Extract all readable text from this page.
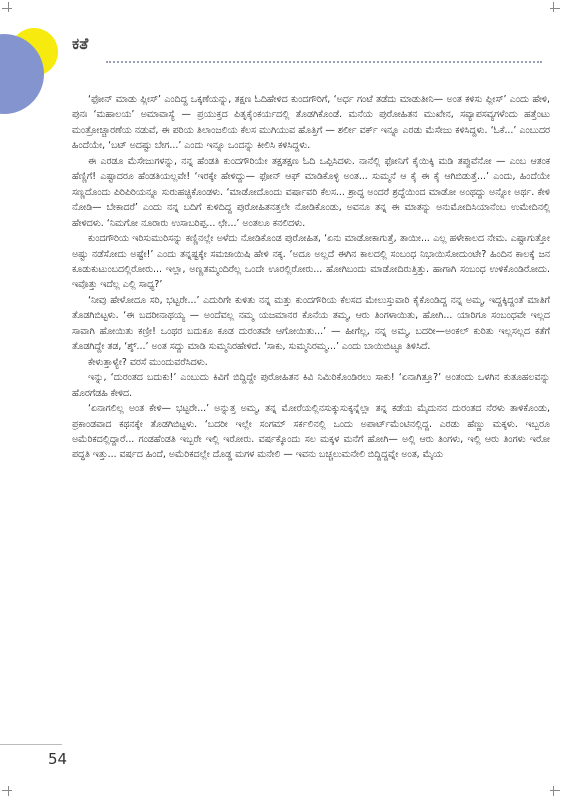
ಕತೆ

‘ಫೋನ್ ಮಾಡು ಪ್ಲೀಸ್’ ಎಂದಿದ್ದ ಒಕ್ಕಣೆಯನ್ನು, ತಕ್ಷಣ ಓದಿಹೇಳಿದ ಕುಂದಗೌರಿಗೆ, ‘ಅರ್ಧ ಗಂಟೆ ತಡೆದು ಮಾಡುತೀನಿ— ಅಂತ ಕಳಿಸು ಪ್ಲೀಸ್’ ಎಂದು ಹೇಳಿ, ಪುನಃ ‘ಮಹಾಲಯ’ ಅಮಾವಾಸ್ಯೆ — ಪ್ರಯುಕ್ತದ ಪಿತೃಕೈಂಕರ್ಯದಲ್ಲಿ ತೊಡಗಿಕೊಂಡೆ. ಮನೆಯ ಪುರೋಹಿತನ ಮುಖೇನ, ಸವ್ಯಾಪಸವ್ಯಗಳೆಂದು ಹತ್ತೆಂಟು ಮಂತ್ರೋಚ್ಚಾರಣೆಯ ನಡುವೆ, ಈ ಪರಿಯ ತಿಲಾಂಜಲಿಯ ಕೆಲಸ ಮುಗಿಯುವ ಹೊತ್ತಿಗೆ — ಶರ್ಲೀ ವರ್ಕ್ ಇನ್ನೂ ಎರಡು ಮೆಸೇಜು ಕಳಿಸಿದ್ದಳು. ‘ಓಕೆ...’ ಎಂಬುದರ ಹಿಂದೆಯೇ, ‘ಬಟ್ ಅದಷ್ಟು ಬೇಗ...’ ಎಂದು ಇನ್ನೂ ಒಂದನ್ನು ಕೀಲಿಸಿ ಕಳಿಸಿದ್ದಳು.

ಈ ಎರಡೂ ಮೆಸೇಜುಗಳನ್ನು, ನನ್ನ ಹೆಂಡತಿ ಕುಂದಗೌರಿಯೇ ತಕ್ಷತಕ್ಷಣ ಓದಿ ಒಪ್ಪಿಸಿದಳು. ನಾನೆಲ್ಲಿ ಫೋನಿಗೆ ಕೈಯಿಕ್ಕಿ ಮಡಿ ತಪ್ಪುವೆನೋ — ಎಂಬ ಆತಂಕ ಹೆಣ್ಣಿಗೆ! ಎಷ್ಟಾದರೂ ಹೆಂಡತಿಯಲ್ಲವೇ! ‘ಇರಕ್ಕೇ ಹೇಳಿದ್ದು— ಫೋನ್ ಆಫ್ ಮಾಡಿಕೊಳ್ಳಿ ಅಂತ... ಸುಮ್ಮನೆ ಆ ಕೈ ಈ ಕೈ ಆಗಿಬಿಡುತ್ತೆ...’ ಎಂದು, ಹಿಂದೆಯೇ ಸಣ್ಣದೊಂದು ಪಿರಿಪಿರಿಯನ್ನೂ ಸುರುಹಚ್ಚಿಕೊಂಡಳು. ‘ಮಾಡೋದೊಂದು ವರ್ಷಾವರಿ ಕೆಲಸ... ಶ್ರಾದ್ಧ ಅಂದರೆ ಶ್ರದ್ಧೆಯಿಂದ ಮಾಡೋ ಅಂಥದ್ದು ಅನ್ನೋ ಅರ್ಥ. ಕೇಳಿ ನೋಡಿ— ಬೇಕಾದರೆ’ ಎಂದು ನನ್ನ ಬದಿಗೆ ಕುಳಿದಿದ್ದ ಪುರೋಹಿತನತ್ತಲೇ ನೋಡಿಕೊಂಡು, ಅವನೂ ತನ್ನ ಈ ಮಾತನ್ನು ಅನುಮೋದಿಸಿಯಾನೆಂಬ ಉಮೇದಿನಲ್ಲಿ ಹೇಳಿದಳು. ‘ನಿಮಗೋ ನೂರಾರು ಉಸಾಬರಿಪ್ಪ... ಛೇ...’ ಅಂತಲೂ ಕನಲಿದಳು.

ಕುಂದಗೌರಿಯ ಇರಿಸುಮುರಿಸನ್ನು ಕಣ್ಣಿನಲ್ಲೇ ಅಳೆದು ನೋಡಿಕೊಂಡ ಪುರೋಹಿತ, ‘ಏನು ಮಾಡೋಕಾಗುತ್ತೆ, ತಾಯೀ... ಎಲ್ಲ ಹಳೇಕಾಲದ ನೇಮ. ಎಷ್ಟಾಗುತ್ತೋ ಅಷ್ಟು ನಡೆಸೋದು ಅಷ್ಟೇ!’ ಎಂದು ತನ್ನಷ್ಟಕ್ಕೇ ಸಮಜಾಯಿಷಿ ಹೇಳಿ ನಕ್ಕ. ‘ಅದೂ ಅಲ್ಲದೆ ಈಗಿನ ಕಾಲದಲ್ಲಿ ಸಂಬಂಧ ನಿಭಾಯಿಸೋದುಂಟೇ? ಹಿಂದಿನ ಕಾಲಕ್ಕೆ ಜನ ಕೂಡುಕುಟುಂಬದಲ್ಲಿರೋರು... ಇಲ್ಲಾ, ಅಣ್ಣತಮ್ಮಂದಿರೆಲ್ಲ ಒಂದೇ ಊರಲ್ಲಿರೋರು... ಹೋಗಿಬಂದು ಮಾಡೋದಿರುತ್ತಿತ್ತು. ಹಾಗಾಗಿ ಸಂಬಂಧ ಉಳಿಕೊಂಡಿರೋದು. ಇವೊತ್ತು ಇದೆಲ್ಲ ಎಲ್ಲಿ ಸಾಧ್ಯ?’

‘ನೀವು ಹೇಳೋದೂ ಸರಿ, ಭಟ್ಟರೇ...’ ಎದುರಿಗೇ ಕುಳಿತು ನನ್ನ ಮತ್ತು ಕುಂದಗೌರಿಯ ಕೆಲಸದ ಮೇಲುಸ್ತುವಾರಿ ಕೈಕೊಂಡಿದ್ದ ನನ್ನ ಅಮ್ಮ, ಇದ್ದಕ್ಕಿದ್ದಂತೆ ಮಾತಿಗೆ ತೊಡಗಿಬಿಟ್ಟಳು. ‘ಈ ಬದರೀನಾಥಯ್ಯ — ಅಂದೆವಲ್ಲ ನಮ್ಮ ಯಜಮಾನರ ಕೊನೆಯ ತಮ್ಮ, ಆರು ತಿಂಗಳಾಯಿತು, ಹೋಗಿ... ಯಾರಿಗೂ ಸಂಬಂಧವೇ ಇಲ್ಲದ ಸಾವಾಗಿ ಹೋಯಿತು ಕಣ್ರೀ! ಒಂಥರ ಬದುಕೂ ಕೂಡ ದುರಂತವೇ ಆಗೋಯಿತು...’ — ಹೀಗೆಲ್ಲ, ನನ್ನ ಅಮ್ಮ, ಬದರೀ—ಅಂಕಲ್ ಕುರಿತು ಇಲ್ಲಸಲ್ಲದ ಕತೆಗೆ ತೊಡಗಿದ್ದೇ ತಡ, ‘ಶ್ಶ್...’ ಅಂತ ಸದ್ದು ಮಾಡಿ ಸುಮ್ಮನಿರಹೇಳಿದೆ. ‘ಸಾಕು, ಸುಮ್ಮನಿರಮ್ಮ...’ ಎಂದು ಬಾಯಿಬಿಟ್ಟೂ ತಿಳಿಸಿದೆ.

ಕೇಳುತ್ತಾಳ್ಯೇ? ವರಸೆ ಮುಂದುವರೆಸಿದಳು.

ಇನ್ನು, ‘ದುರಂತದ ಬದುಕು!’ ಎಂಬುದು ಕಿವಿಗೆ ಬಿದ್ದಿದ್ದೇ ಪುರೋಹಿತನ ಕಿವಿ ನಿಮಿರಿಕೊಂಡಿರಲು ಸಾಕು! ‘ಏನಾಗಿತ್ತೂ?’ ಅಂತಂದು ಒಳಗಿನ ಕುತೂಹಲವನ್ನು ಹೊರಗೆಡಹಿ ಕೇಳಿದ.

‘ಏನಾಗಲಿಲ್ಲ ಅಂತ ಕೇಳಿ— ಭಟ್ಟರೇ...’ ಅನ್ನುತ್ತ ಅಮ್ಮ, ತನ್ನ ಮೋರೆಯಲ್ಲಿನಸುಕ್ಕುಸುಕ್ಕನ್ನೆಲ್ಲಾ ತನ್ನ ಕಡೆಯ ಮೈದುನನ ದುರಂತದ ನೆರಳು ತಾಳಿಕೊಂಡು, ಪ್ರಕಾಂಡವಾದ ಕಥನಕ್ಕೇ ತೊಡಗಿಬಿಟ್ಟಳು. ‘ಬದರೀ ಇಲ್ಲೇ ಸಂಗಮ್ ಸರ್ಕಲಿನಲ್ಲಿ ಒಂದು ಅಪಾರ್ಟ್‌ಮೆಂಟಿನಲ್ಲಿದ್ದ. ಎರಡು ಹೆಣ್ಣು ಮಕ್ಕಳು. ಇಬ್ಬರೂ ಅಮೆರಿಕದಲ್ಲಿದ್ದಾರೆ... ಗಂಡಹೆಂಡತಿ ಇಬ್ಬರೇ ಇಲ್ಲಿ ಇರೋರು. ವರ್ಷಕ್ಕೊಂದು ಸಲ ಮಕ್ಕಳ ಮನೆಗೆ ಹೋಗಿ— ಅಲ್ಲಿ ಆರು ತಿಂಗಳು, ಇಲ್ಲಿ ಆರು ತಿಂಗಳು ಇರೋ ಪದ್ಧತಿ ಇತ್ತು... ವರ್ಷದ ಹಿಂದೆ, ಅಮೆರಿಕದಲ್ಲೇ ದೊಡ್ಡ ಮಗಳ ಮನೇಲಿ — ಇವನು ಬಚ್ಚಲುಮನೇಲಿ ಬಿದ್ದಿದ್ದವ್ನೇ ಅಂತ, ಮೈಯ

54
